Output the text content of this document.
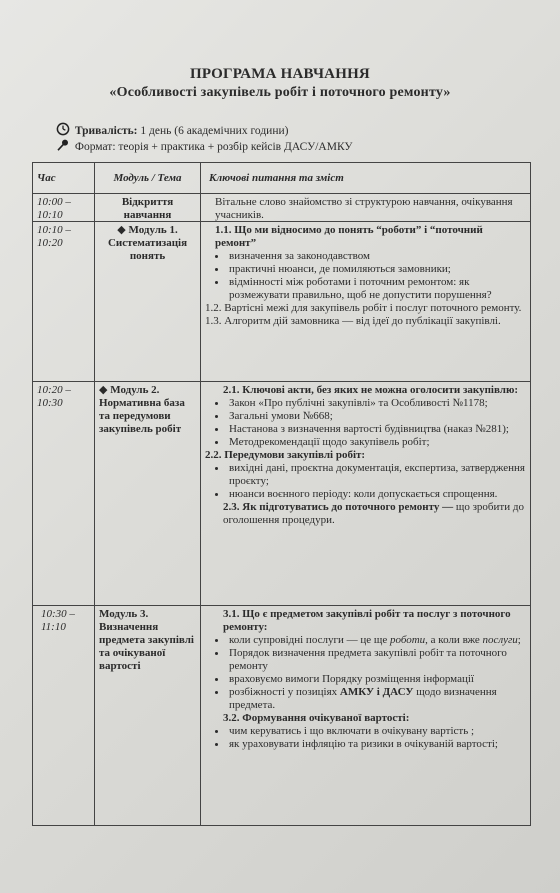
ПРОГРАМА НАВЧАННЯ
«Особливості закупівель робіт і поточного ремонту»
Тривалість: 1 день (6 академічних години)
Формат: теорія + практика + розбір кейсів ДАСУ/АМКУ
Час	Модуль / Тема	Ключові питання та зміст
10:00 – 10:10
Відкриття навчання

Вітальне слово знайомство зі структурою навчання, очікування учасників.

10:10 – 10:20
◆ Модуль 1. Систематизація понять

1.1. Що ми відносимо до понять “роботи” і “поточний ремонт”

• визначення за законодавством
• практичні нюанси, де помиляються замовники;
• відмінності між роботами і поточним ремонтом: як розмежувати правильно, щоб не допустити порушення?

1.2. Вартісні межі для закупівель робіт і послуг поточного ремонту.

1.3. Алгоритм дій замовника — від ідеї до публікації закупівлі.

10:20 – 10:30
◆ Модуль 2. Нормативна база та передумови закупівель робіт

2.1. Ключові акти, без яких не можна оголосити закупівлю:

• Закон «Про публічні закупівлі» та Особливості №1178;
• Загальні умови №668;
• Настанова з визначення вартості будівництва (наказ №281);
• Методрекомендації щодо закупівель робіт;

2.2. Передумови закупівлі робіт:

• вихідні дані, проєктна документація, експертиза, затвердження проєкту;
• нюанси воєнного періоду: коли допускається спрощення.

2.3. Як підготуватись до поточного ремонту — що зробити до оголошення процедури.

10:30 – 11:10
Модуль 3. Визначення предмета закупівлі та очікуваної вартості

3.1. Що є предметом закупівлі робіт та послуг з поточного ремонту:

• коли супровідні послуги — це ще роботи, а коли вже послуги;
• Порядок визначення предмета закупівлі робіт та поточного ремонту
• враховуємо вимоги Порядку розміщення інформації
• розбіжності у позиціях АМКУ і ДАСУ щодо визначення предмета.

3.2. Формування очікуваної вартості:

• чим керуватись і що включати в очікувану вартість ;
• як ураховувати інфляцію та ризики в очікуваній вартості;
